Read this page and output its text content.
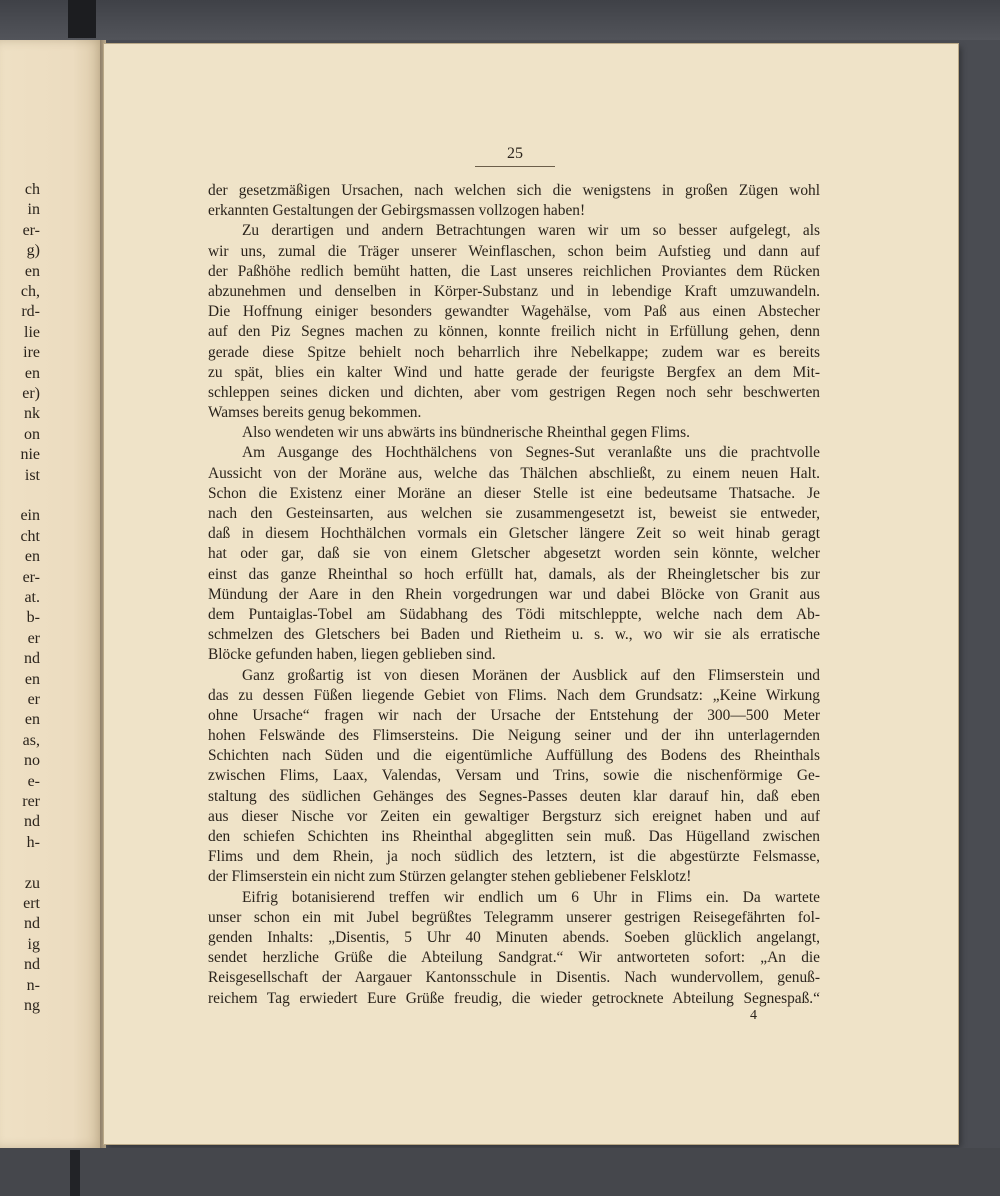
ch
in
er-
g)
en
ch,
rd-
lie
ire
en
er)
nk
on
nie
ist
ein
cht
en
er-
at.
b-
er
nd
en
er
en
as,
no
e-
rer
nd
h-
zu
ert
nd
ig
nd
n-
ng
25
der gesetzmäßigen Ursachen, nach welchen sich die wenigstens in großen Zügen wohl
erkannten Gestaltungen der Gebirgsmassen vollzogen haben!
Zu derartigen und andern Betrachtungen waren wir um so besser aufgelegt, als
wir uns, zumal die Träger unserer Weinflaschen, schon beim Aufstieg und dann auf
der Paßhöhe redlich bemüht hatten, die Last unseres reichlichen Proviantes dem Rücken
abzunehmen und denselben in Körper-Substanz und in lebendige Kraft umzuwandeln.
Die Hoffnung einiger besonders gewandter Wagehälse, vom Paß aus einen Abstecher
auf den Piz Segnes machen zu können, konnte freilich nicht in Erfüllung gehen, denn
gerade diese Spitze behielt noch beharrlich ihre Nebelkappe; zudem war es bereits
zu spät, blies ein kalter Wind und hatte gerade der feurigste Bergfex an dem Mit-
schleppen seines dicken und dichten, aber vom gestrigen Regen noch sehr beschwerten
Wamses bereits genug bekommen.
Also wendeten wir uns abwärts ins bündnerische Rheinthal gegen Flims.
Am Ausgange des Hochthälchens von Segnes-Sut veranlaßte uns die prachtvolle
Aussicht von der Moräne aus, welche das Thälchen abschließt, zu einem neuen Halt.
Schon die Existenz einer Moräne an dieser Stelle ist eine bedeutsame Thatsache. Je
nach den Gesteinsarten, aus welchen sie zusammengesetzt ist, beweist sie entweder,
daß in diesem Hochthälchen vormals ein Gletscher längere Zeit so weit hinab geragt
hat oder gar, daß sie von einem Gletscher abgesetzt worden sein könnte, welcher
einst das ganze Rheinthal so hoch erfüllt hat, damals, als der Rheingletscher bis zur
Mündung der Aare in den Rhein vorgedrungen war und dabei Blöcke von Granit aus
dem Puntaiglas-Tobel am Südabhang des Tödi mitschleppte, welche nach dem Ab-
schmelzen des Gletschers bei Baden und Rietheim u. s. w., wo wir sie als erratische
Blöcke gefunden haben, liegen geblieben sind.
Ganz großartig ist von diesen Moränen der Ausblick auf den Flimserstein und
das zu dessen Füßen liegende Gebiet von Flims. Nach dem Grundsatz: „Keine Wirkung
ohne Ursache“ fragen wir nach der Ursache der Entstehung der 300—500 Meter
hohen Felswände des Flimsersteins. Die Neigung seiner und der ihn unterlagernden
Schichten nach Süden und die eigentümliche Auffüllung des Bodens des Rheinthals
zwischen Flims, Laax, Valendas, Versam und Trins, sowie die nischenförmige Ge-
staltung des südlichen Gehänges des Segnes-Passes deuten klar darauf hin, daß eben
aus dieser Nische vor Zeiten ein gewaltiger Bergsturz sich ereignet haben und auf
den schiefen Schichten ins Rheinthal abgeglitten sein muß. Das Hügelland zwischen
Flims und dem Rhein, ja noch südlich des letztern, ist die abgestürzte Felsmasse,
der Flimserstein ein nicht zum Stürzen gelangter stehen gebliebener Felsklotz!
Eifrig botanisierend treffen wir endlich um 6 Uhr in Flims ein. Da wartete
unser schon ein mit Jubel begrüßtes Telegramm unserer gestrigen Reisegefährten fol-
genden Inhalts: „Disentis, 5 Uhr 40 Minuten abends. Soeben glücklich angelangt,
sendet herzliche Grüße die Abteilung Sandgrat.“ Wir antworteten sofort: „An die
Reisgesellschaft der Aargauer Kantonsschule in Disentis. Nach wundervollem, genuß-
reichem Tag erwiedert Eure Grüße freudig, die wieder getrocknete Abteilung Segnespaß.“
4
